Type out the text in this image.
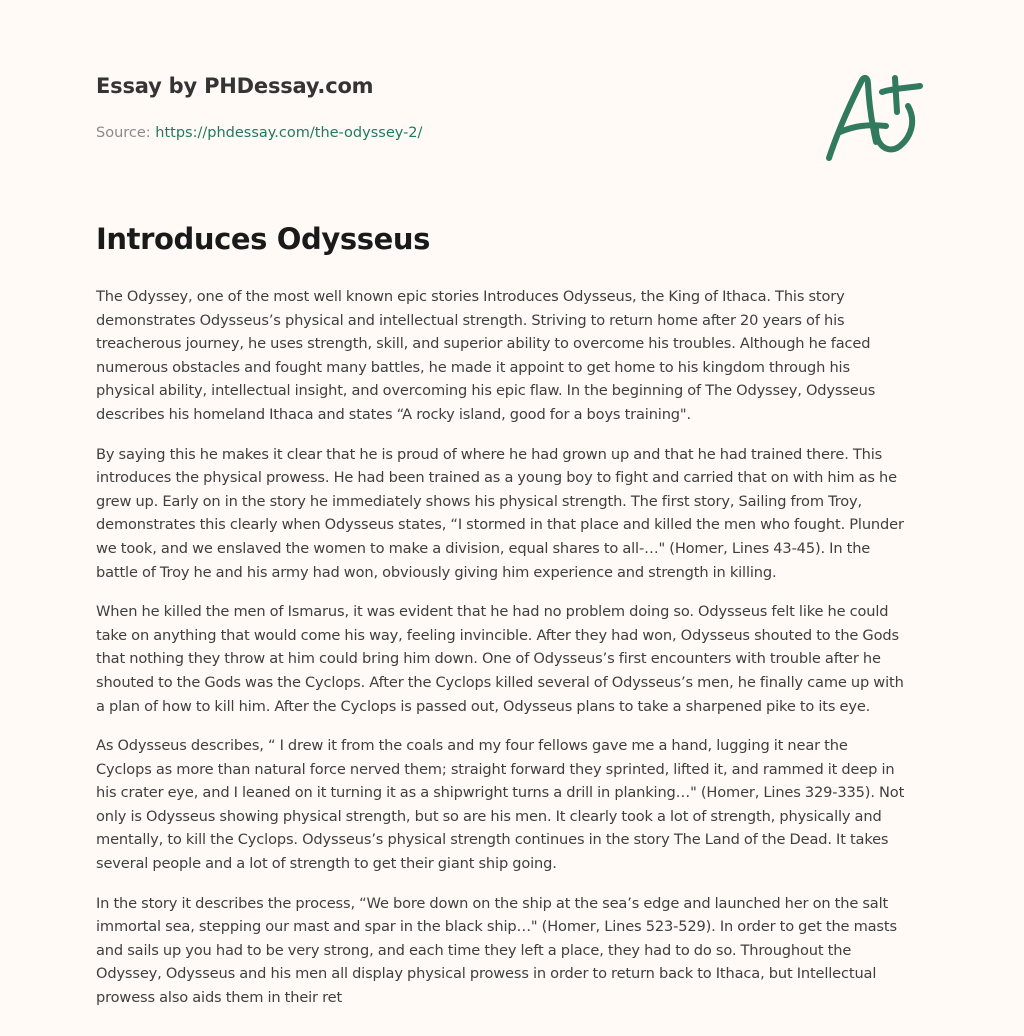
Essay by PHDessay.com
Source: https://phdessay.com/the-odyssey-2/
Introduces Odysseus

The Odyssey, one of the most well known epic stories Introduces Odysseus, the King of Ithaca. This story
demonstrates Odysseus’s physical and intellectual strength. Striving to return home after 20 years of his
treacherous journey, he uses strength, skill, and superior ability to overcome his troubles. Although he faced
numerous obstacles and fought many battles, he made it appoint to get home to his kingdom through his
physical ability, intellectual insight, and overcoming his epic flaw. In the beginning of The Odyssey, Odysseus
describes his homeland Ithaca and states “A rocky island, good for a boys training".

By saying this he makes it clear that he is proud of where he had grown up and that he had trained there. This
introduces the physical prowess. He had been trained as a young boy to fight and carried that on with him as he
grew up. Early on in the story he immediately shows his physical strength. The first story, Sailing from Troy,
demonstrates this clearly when Odysseus states, “I stormed in that place and killed the men who fought. Plunder
we took, and we enslaved the women to make a division, equal shares to all-…" (Homer, Lines 43-45). In the
battle of Troy he and his army had won, obviously giving him experience and strength in killing.

When he killed the men of Ismarus, it was evident that he had no problem doing so. Odysseus felt like he could
take on anything that would come his way, feeling invincible. After they had won, Odysseus shouted to the Gods
that nothing they throw at him could bring him down. One of Odysseus’s first encounters with trouble after he
shouted to the Gods was the Cyclops. After the Cyclops killed several of Odysseus’s men, he finally came up with
a plan of how to kill him. After the Cyclops is passed out, Odysseus plans to take a sharpened pike to its eye.

As Odysseus describes, “ I drew it from the coals and my four fellows gave me a hand, lugging it near the
Cyclops as more than natural force nerved them; straight forward they sprinted, lifted it, and rammed it deep in
his crater eye, and I leaned on it turning it as a shipwright turns a drill in planking…" (Homer, Lines 329-335). Not
only is Odysseus showing physical strength, but so are his men. It clearly took a lot of strength, physically and
mentally, to kill the Cyclops. Odysseus’s physical strength continues in the story The Land of the Dead. It takes
several people and a lot of strength to get their giant ship going.

In the story it describes the process, “We bore down on the ship at the sea’s edge and launched her on the salt
immortal sea, stepping our mast and spar in the black ship…" (Homer, Lines 523-529). In order to get the masts
and sails up you had to be very strong, and each time they left a place, they had to do so. Throughout the
Odyssey, Odysseus and his men all display physical prowess in order to return back to Ithaca, but Intellectual
prowess also aids them in their ret
